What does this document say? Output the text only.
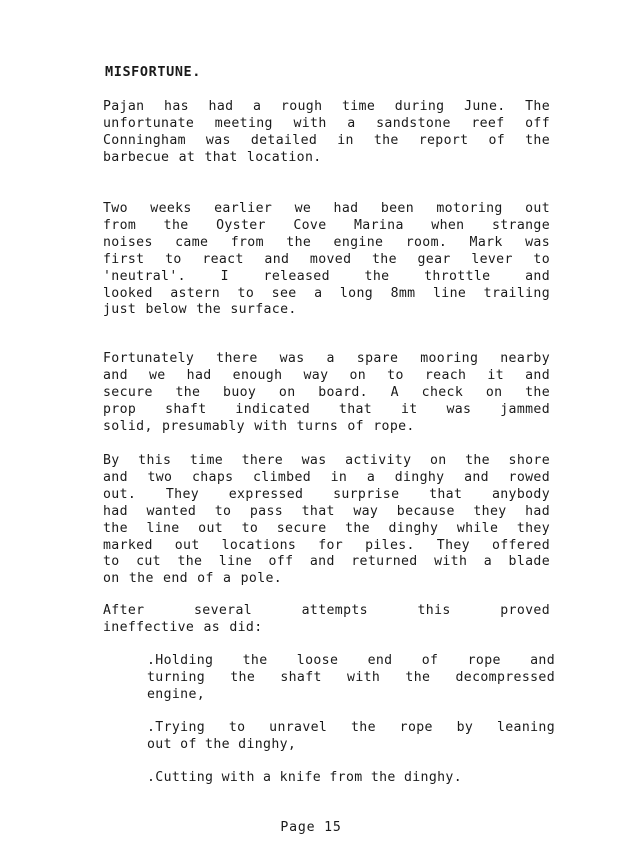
MISFORTUNE.

Pajan has had a rough time during June. The
unfortunate meeting with a sandstone reef off
Conningham was detailed in the report of the
barbecue at that location.

Two weeks earlier we had been motoring out
from the Oyster Cove Marina when strange
noises came from the engine room. Mark was
first to react and moved the gear lever to
'neutral'. I released the throttle and
looked astern to see a long 8mm line trailing
just below the surface.

Fortunately there was a spare mooring nearby
and we had enough way on to reach it and
secure the buoy on board. A check on the
prop shaft indicated that it was jammed
solid, presumably with turns of rope.

By this time there was activity on the shore
and two chaps climbed in a dinghy and rowed
out. They expressed surprise that anybody
had wanted to pass that way because they had
the line out to secure the dinghy while they
marked out locations for piles. They offered
to cut the line off and returned with a blade
on the end of a pole.

After several attempts this proved
ineffective as did:

.Holding the loose end of rope and
turning the shaft with the decompressed
engine,
.Trying to unravel the rope by leaning
out of the dinghy,
.Cutting with a knife from the dinghy.
Page 15
